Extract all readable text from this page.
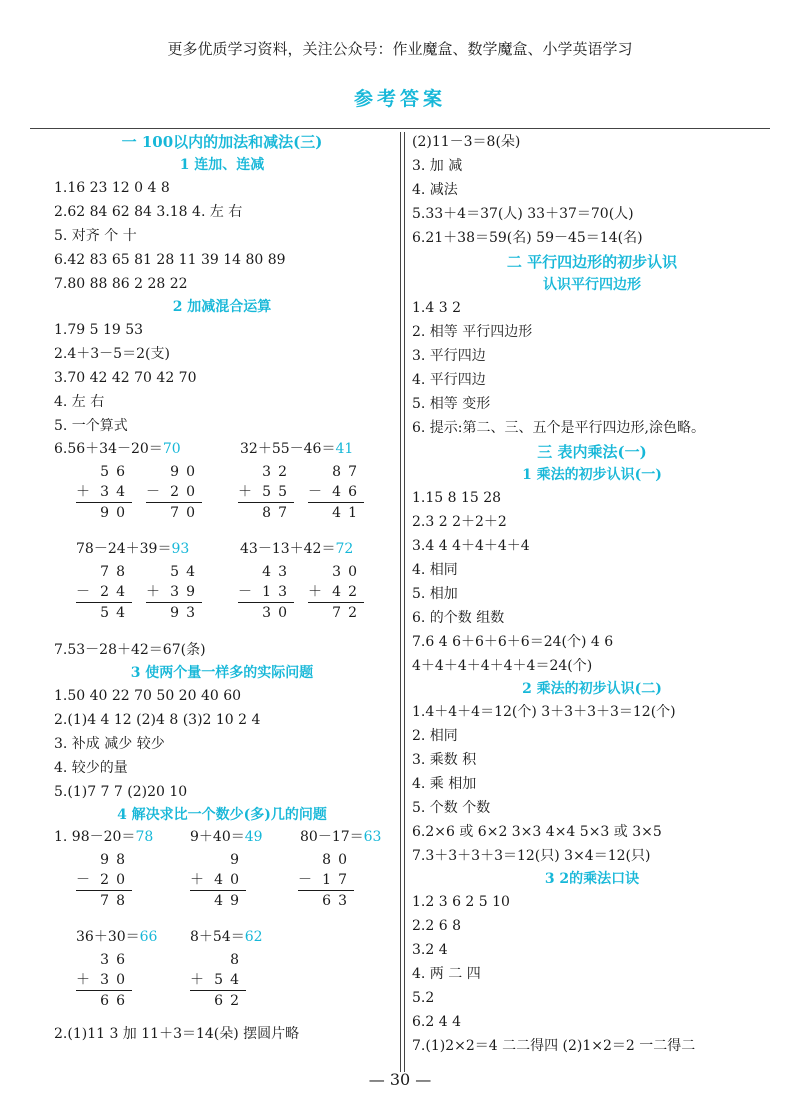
更多优质学习资料，关注公众号：作业魔盒、数学魔盒、小学英语学习
参考答案
一 100以内的加法和减法(三)
1 连加、连减
1.16 23 12 0 4 8
2.62 84 62 84 3.18 4. 左 右
5. 对齐 个 十
6.42 83 65 81 28 11 39 14 80 89
7.80 88 86 2 28 22
2 加减混合运算
1.79 5 19 53
2.4＋3－5＝2(支)
3.70 42 42 70 42 70
4. 左 右
5. 一个算式
6.56＋34－20＝70	32＋55－46＝41
56
＋ 34
90
90
－ 20
70
32
＋ 55
87
87
－ 46
41
78－24＋39＝93	43－13＋42＝72
78
－ 24
54
54
＋ 39
93
43
－ 13
30
30
＋ 42
72
7.53－28＋42＝67(条)
3 使两个量一样多的实际问题
1.50 40 22 70 50 20 40 60
2.(1)4 4 12 (2)4 8 (3)2 10 2 4
3. 补成 减少 较少
4. 较少的量
5.(1)7 7 7 (2)20 10
4 解决求比一个数少(多)几的问题
1. 98－20＝78	9＋40＝49	80－17＝63
98
－ 20
78
9
＋ 40
49
80
－ 17
63
36＋30＝66 8＋54＝62
36
＋ 30
66
8
＋ 54
62
2.(1)11 3 加 11＋3＝14(朵) 摆圆片略
(2)11－3＝8(朵)
3. 加 减
4. 减法
5.33＋4＝37(人) 33＋37＝70(人)
6.21＋38＝59(名) 59－45＝14(名)
二 平行四边形的初步认识
认识平行四边形
1.4 3 2
2. 相等 平行四边形
3. 平行四边
4. 平行四边
5. 相等 变形
6. 提示:第二、三、五个是平行四边形,涂色略。
三 表内乘法(一)
1 乘法的初步认识(一)
1.15 8 15 28
2.3 2 2＋2＋2
3.4 4 4＋4＋4＋4
4. 相同
5. 相加
6. 的个数 组数
7.6 4 6＋6＋6＋6＝24(个) 4 6
4＋4＋4＋4＋4＋4＝24(个)
2 乘法的初步认识(二)
1.4＋4＋4＝12(个) 3＋3＋3＋3＝12(个)
2. 相同
3. 乘数 积
4. 乘 相加
5. 个数 个数
6.2×6 或 6×2 3×3 4×4 5×3 或 3×5
7.3＋3＋3＋3＝12(只) 3×4＝12(只)
3 2的乘法口诀
1.2 3 6 2 5 10
2.2 6 8
3.2 4
4. 两 二 四
5.2
6.2 4 4
7.(1)2×2＝4 二二得四 (2)1×2＝2 一二得二
— 30 —
